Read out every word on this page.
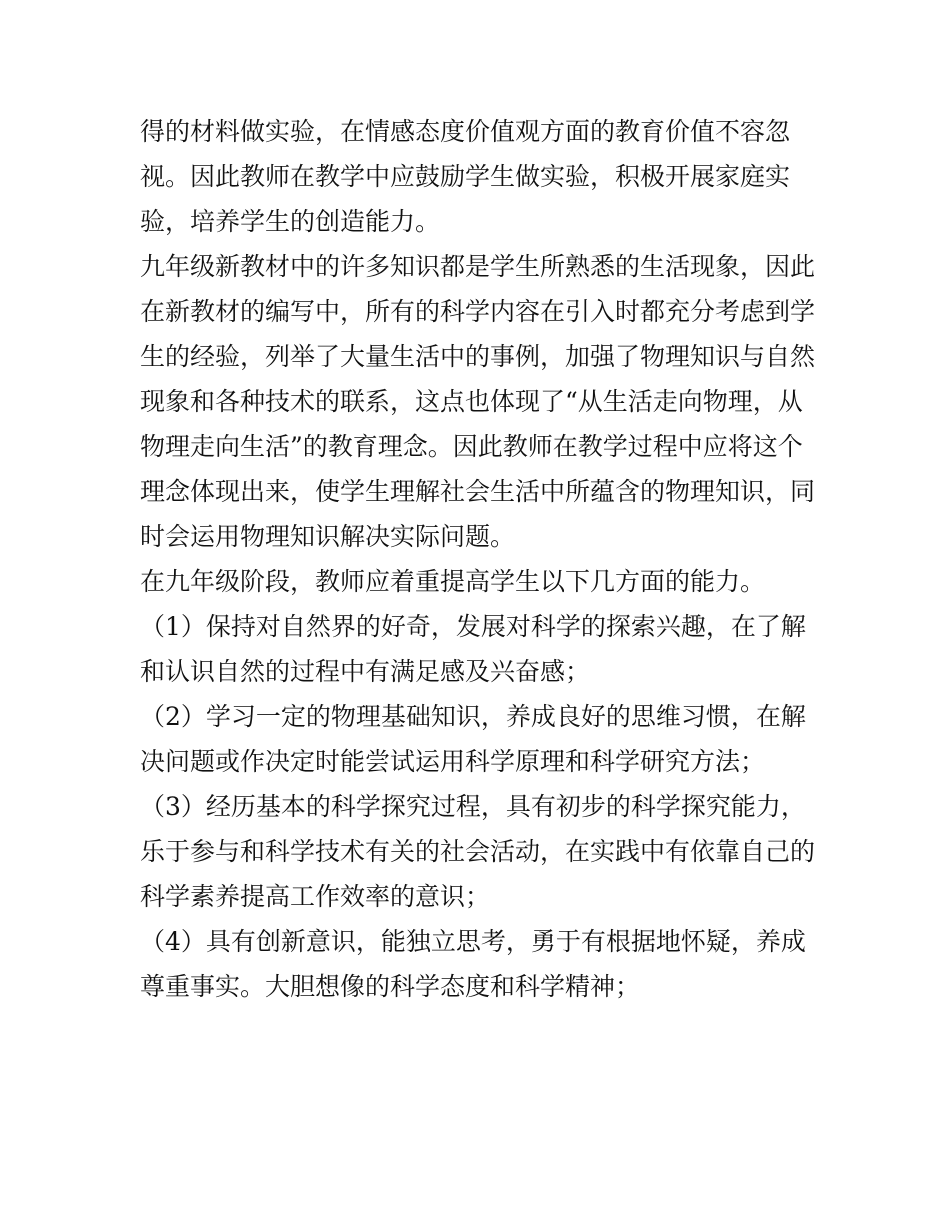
得的材料做实验，在情感态度价值观方面的教育价值不容忽
视。因此教师在教学中应鼓励学生做实验，积极开展家庭实
验，培养学生的创造能力。

九年级新教材中的许多知识都是学生所熟悉的生活现象，因此
在新教材的编写中，所有的科学内容在引入时都充分考虑到学
生的经验，列举了大量生活中的事例，加强了物理知识与自然
现象和各种技术的联系，这点也体现了“从生活走向物理，从
物理走向生活”的教育理念。因此教师在教学过程中应将这个
理念体现出来，使学生理解社会生活中所蕴含的物理知识，同
时会运用物理知识解决实际问题。

在九年级阶段，教师应着重提高学生以下几方面的能力。

（1）保持对自然界的好奇，发展对科学的探索兴趣，在了解
和认识自然的过程中有满足感及兴奋感；

（2）学习一定的物理基础知识，养成良好的思维习惯，在解
决问题或作决定时能尝试运用科学原理和科学研究方法；

（3）经历基本的科学探究过程，具有初步的科学探究能力，
乐于参与和科学技术有关的社会活动，在实践中有依靠自己的
科学素养提高工作效率的意识；

（4）具有创新意识，能独立思考，勇于有根据地怀疑，养成
尊重事实。大胆想像的科学态度和科学精神；
